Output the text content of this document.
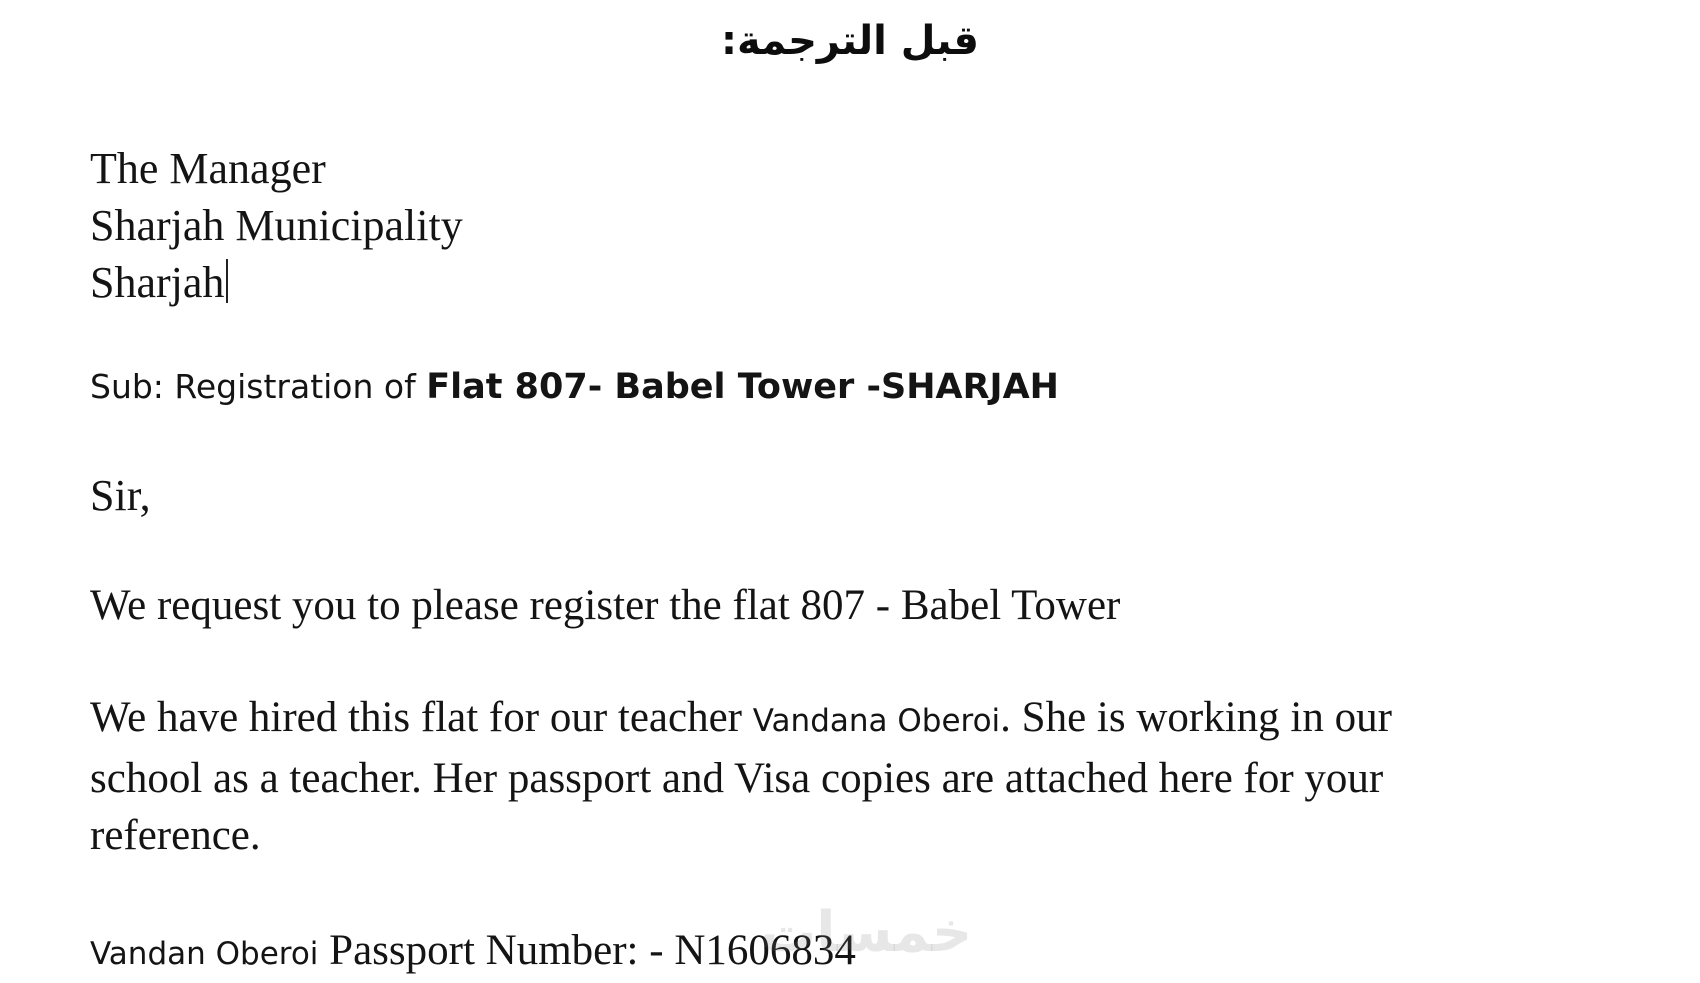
قبل الترجمة:
The Manager
Sharjah Municipality
Sharjah
Sub: Registration of Flat 807- Babel Tower -SHARJAH
Sir,
We request you to please register the flat 807 - Babel Tower
We have hired this flat for our teacher Vandana Oberoi. She is working in our school as a teacher. Her passport and Visa copies are attached here for your reference.
Vandan Oberoi Passport Number: - N1606834
خمسات
